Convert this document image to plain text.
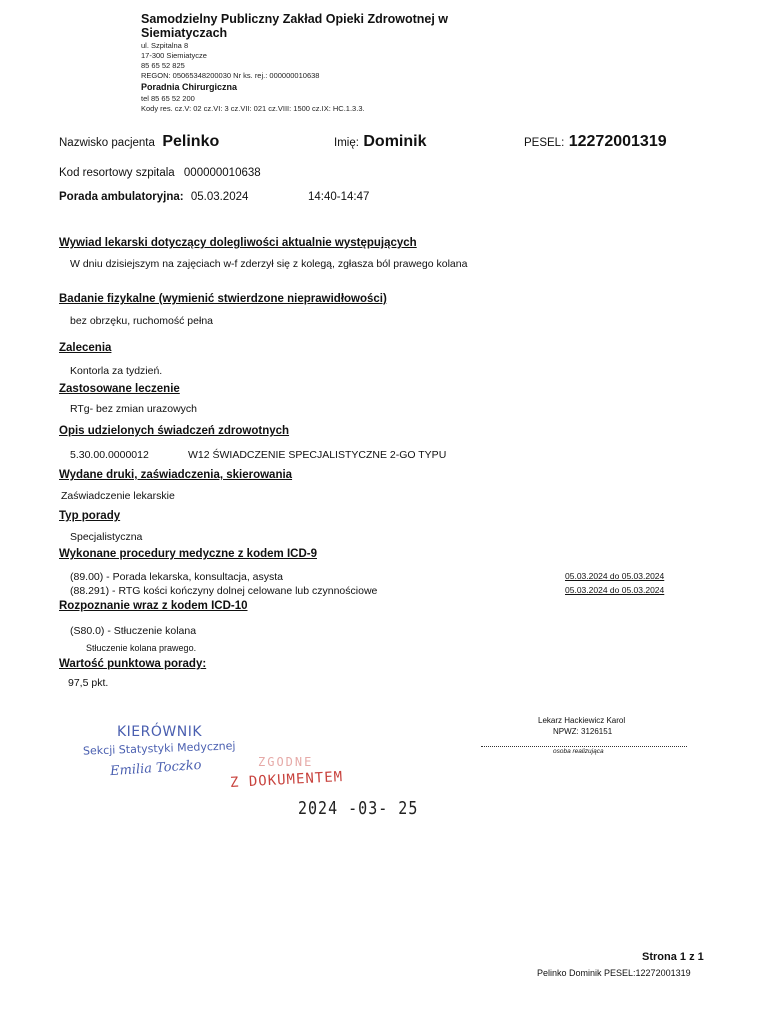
Samodzielny Publiczny Zakład Opieki Zdrowotnej w Siemiatyczach
ul. Szpitalna 8
17-300 Siemiatycze
85 65 52 825
REGON: 05065348200030 Nr ks. rej.: 000000010638
Poradnia Chirurgiczna
tel 85 65 52 200
Kody res. cz.V: 02 cz.VI: 3 cz.VII: 021 cz.VIII: 1500 cz.IX: HC.1.3.3.
Nazwisko pacjenta Pelinko	Imię: Dominik	PESEL: 12272001319
Kod resortowy szpitala 000000010638
Porada ambulatoryjna: 05.03.2024	14:40-14:47
Wywiad lekarski dotyczący dolegliwości aktualnie występujących
W dniu dzisiejszym na zajęciach w-f zderzył się z kolegą, zgłasza ból prawego kolana
Badanie fizykalne (wymienić stwierdzone nieprawidłowości)
bez obrzęku, ruchomość pełna
Zalecenia
Kontorla za tydzień.
Zastosowane leczenie
RTg- bez zmian urazowych
Opis udzielonych świadczeń zdrowotnych
5.30.00.0000012	W12 ŚWIADCZENIE SPECJALISTYCZNE 2-GO TYPU
Wydane druki, zaświadczenia, skierowania
Zaświadczenie lekarskie
Typ porady
Specjalistyczna
Wykonane procedury medyczne z kodem ICD-9
(89.00) - Porada lekarska, konsultacja, asysta	05.03.2024 do 05.03.2024
(88.291) - RTG kości kończyny dolnej celowane lub czynnościowe	05.03.2024 do 05.03.2024
Rozpoznanie wraz z kodem ICD-10
(S80.0) - Stłuczenie kolana
Stłuczenie kolana prawego.
Wartość punktowa porady:
97,5 pkt.
Lekarz Hackiewicz Karol
NPWZ: 3126151
osoba realizująca
KIERÓWNIK
Sekcji Statystyki Medycznej
Emilia Toczko	ZGODNE
Z DOKUMENTEM
2024 -03- 25
Strona 1 z 1
Pelinko Dominik PESEL:12272001319
